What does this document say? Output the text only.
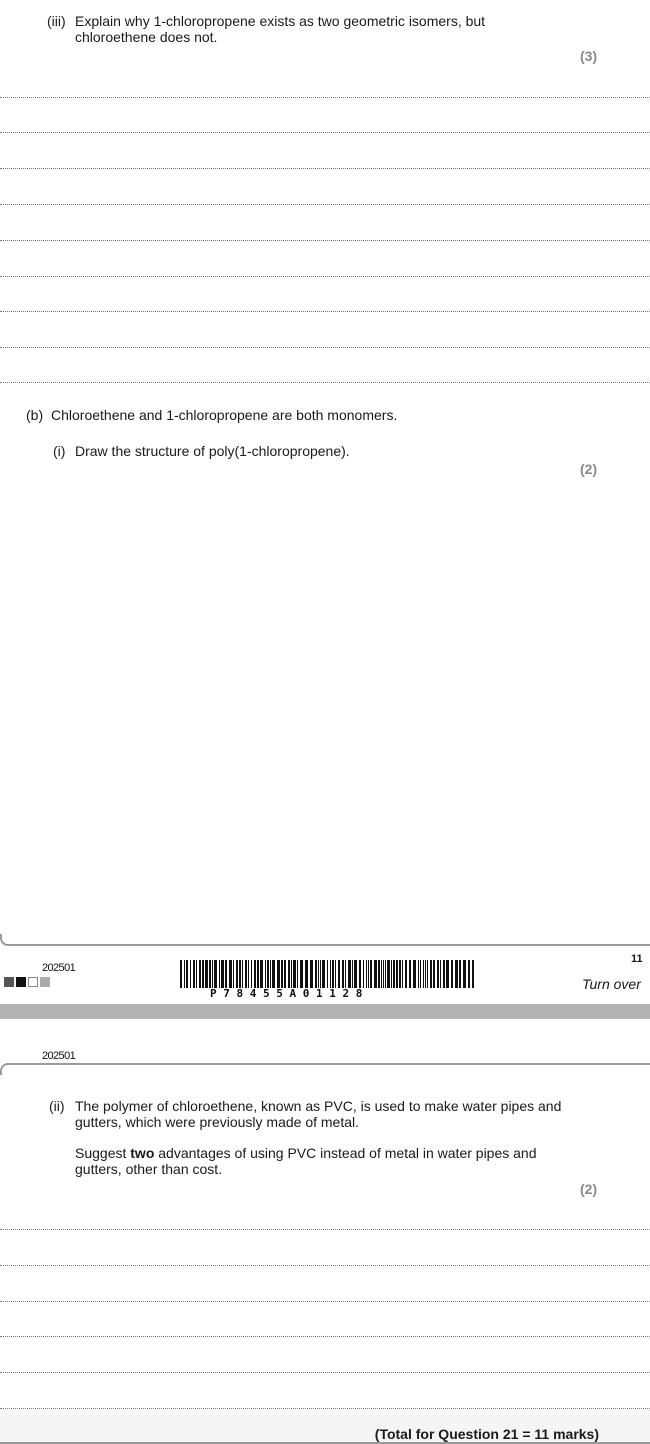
(iii) Explain why 1-chloropropene exists as two geometric isomers, but chloroethene does not.
(3)
(b) Chloroethene and 1-chloropropene are both monomers.
(i) Draw the structure of poly(1-chloropropene).
(2)
202501
P 7 8 4 5 5 A 0 1 1 2 8
11
Turn over
202501
(ii) The polymer of chloroethene, known as PVC, is used to make water pipes and gutters, which were previously made of metal.
Suggest two advantages of using PVC instead of metal in water pipes and gutters, other than cost.
(2)
(Total for Question 21 = 11 marks)
